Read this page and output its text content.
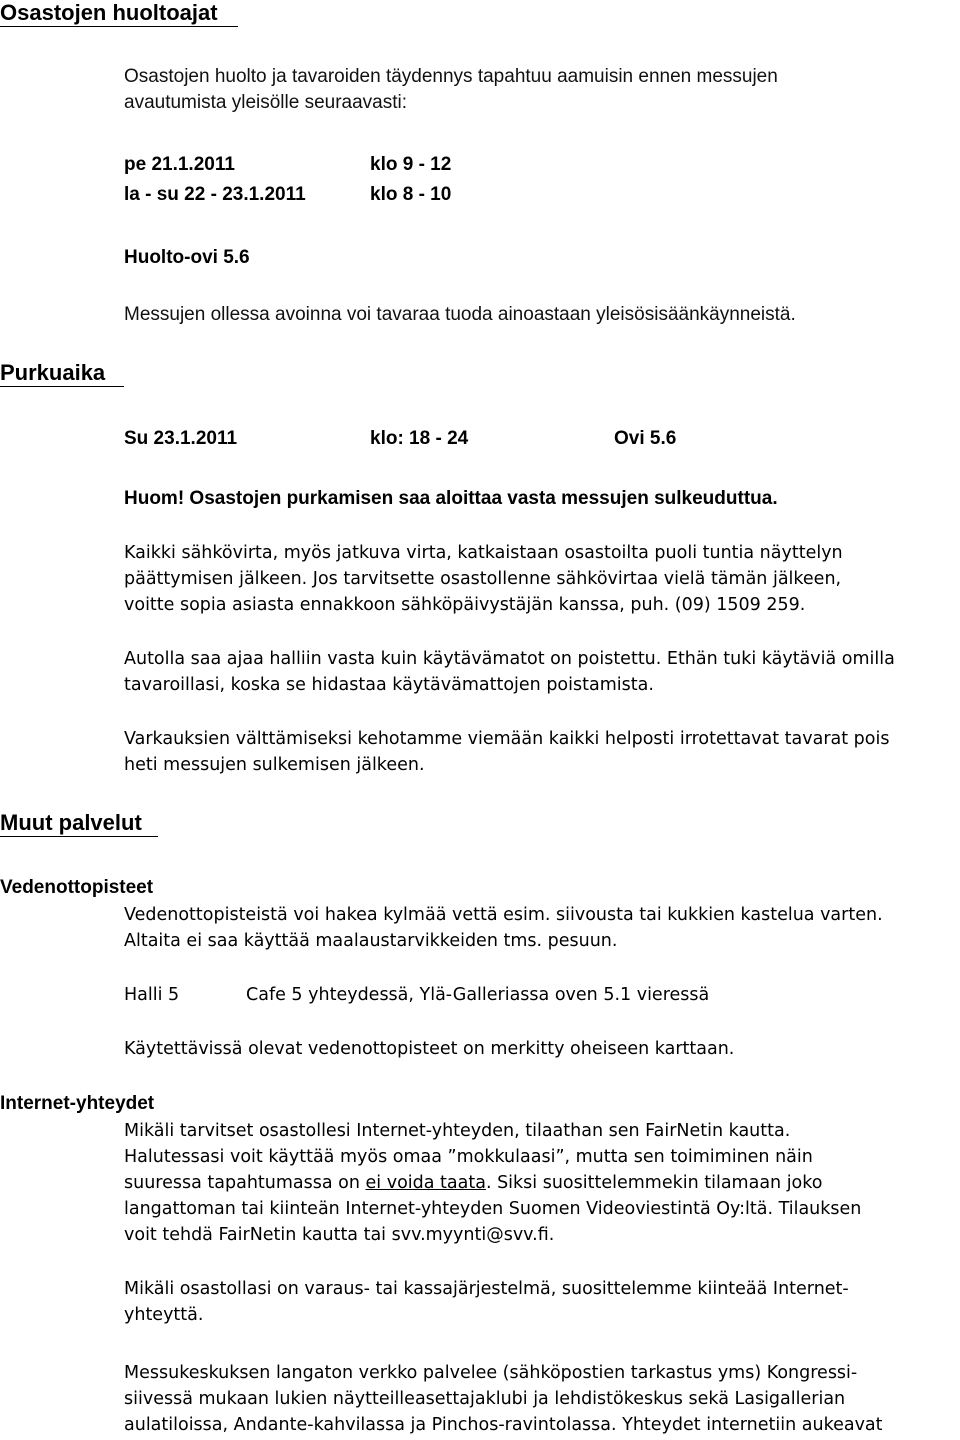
Osastojen huoltoajat
Osastojen huolto ja tavaroiden täydennys tapahtuu aamuisin ennen messujen
avautumista yleisölle seuraavasti:
pe 21.1.2011	klo 9 - 12
la - su 22 - 23.1.2011	klo 8 - 10
Huolto-ovi 5.6
Messujen ollessa avoinna voi tavaraa tuoda ainoastaan yleisösisäänkäynneistä.
Purkuaika
Su 23.1.2011	klo: 18 - 24	Ovi 5.6
Huom! Osastojen purkamisen saa aloittaa vasta messujen sulkeuduttua.
Kaikki sähkövirta, myös jatkuva virta, katkaistaan osastoilta puoli tuntia näyttelyn
päättymisen jälkeen. Jos tarvitsette osastollenne sähkövirtaa vielä tämän jälkeen,
voitte sopia asiasta ennakkoon sähköpäivystäjän kanssa, puh. (09) 1509 259.
Autolla saa ajaa halliin vasta kuin käytävämatot on poistettu. Ethän tuki käytäviä omilla
tavaroillasi, koska se hidastaa käytävämattojen poistamista.
Varkauksien välttämiseksi kehotamme viemään kaikki helposti irrotettavat tavarat pois
heti messujen sulkemisen jälkeen.
Muut palvelut
Vedenottopisteet
Vedenottopisteistä voi hakea kylmää vettä esim. siivousta tai kukkien kastelua varten.
Altaita ei saa käyttää maalaustarvikkeiden tms. pesuun.
Halli 5	Cafe 5 yhteydessä, Ylä-Galleriassa oven 5.1 vieressä
Käytettävissä olevat vedenottopisteet on merkitty oheiseen karttaan.
Internet-yhteydet
Mikäli tarvitset osastollesi Internet-yhteyden, tilaathan sen FairNetin kautta.
Halutessasi voit käyttää myös omaa ”mokkulaasi”, mutta sen toimiminen näin
suuressa tapahtumassa on ei voida taata. Siksi suosittelemmekin tilamaan joko
langattoman tai kiinteän Internet-yhteyden Suomen Videoviestintä Oy:ltä. Tilauksen
voit tehdä FairNetin kautta tai svv.myynti@svv.fi.
Mikäli osastollasi on varaus- tai kassajärjestelmä, suosittelemme kiinteää Internet-
yhteyttä.
Messukeskuksen langaton verkko palvelee (sähköpostien tarkastus yms) Kongressi-
siivessä mukaan lukien näytteilleasettajaklubi ja lehdistökeskus sekä Lasigallerian
aulatiloissa, Andante-kahvilassa ja Pinchos-ravintolassa. Yhteydet internetiin aukeavat
